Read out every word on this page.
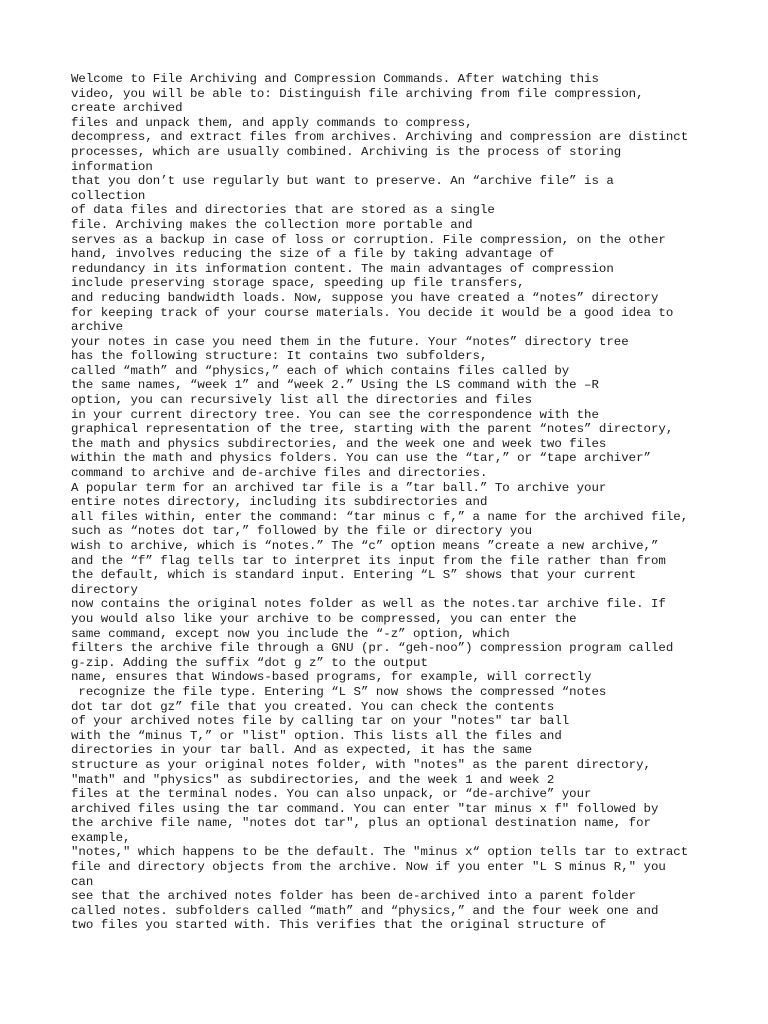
Welcome to File Archiving and Compression Commands. After watching this
video, you will be able to: Distinguish file archiving from file compression,
create archived
files and unpack them, and apply commands to compress,
decompress, and extract files from archives. Archiving and compression are distinct
processes, which are usually combined. Archiving is the process of storing
information
that you don’t use regularly but want to preserve. An “archive file” is a
collection
of data files and directories that are stored as a single
file. Archiving makes the collection more portable and
serves as a backup in case of loss or corruption. File compression, on the other
hand, involves reducing the size of a file by taking advantage of
redundancy in its information content. The main advantages of compression
include preserving storage space, speeding up file transfers,
and reducing bandwidth loads. Now, suppose you have created a “notes” directory
for keeping track of your course materials. You decide it would be a good idea to
archive
your notes in case you need them in the future. Your “notes” directory tree
has the following structure: It contains two subfolders,
called “math” and “physics,” each of which contains files called by
the same names, “week 1” and “week 2.” Using the LS command with the –R
option, you can recursively list all the directories and files
in your current directory tree. You can see the correspondence with the
graphical representation of the tree, starting with the parent “notes” directory,
the math and physics subdirectories, and the week one and week two files
within the math and physics folders. You can use the “tar,” or “tape archiver”
command to archive and de-archive files and directories.
A popular term for an archived tar file is a ”tar ball.” To archive your
entire notes directory, including its subdirectories and
all files within, enter the command: “tar minus c f,” a name for the archived file,
such as “notes dot tar,” followed by the file or directory you
wish to archive, which is “notes.” The “c” option means ”create a new archive,”
and the “f” flag tells tar to interpret its input from the file rather than from
the default, which is standard input. Entering “L S” shows that your current
directory
now contains the original notes folder as well as the notes.tar archive file. If
you would also like your archive to be compressed, you can enter the
same command, except now you include the “-z” option, which
filters the archive file through a GNU (pr. “geh-noo”) compression program called
g-zip. Adding the suffix “dot g z” to the output
name, ensures that Windows-based programs, for example, will correctly
recognize the file type. Entering “L S” now shows the compressed “notes
dot tar dot gz” file that you created. You can check the contents
of your archived notes file by calling tar on your "notes" tar ball
with the “minus T,” or "list" option. This lists all the files and
directories in your tar ball. And as expected, it has the same
structure as your original notes folder, with "notes" as the parent directory,
"math" and "physics" as subdirectories, and the week 1 and week 2
files at the terminal nodes. You can also unpack, or “de-archive” your
archived files using the tar command. You can enter "tar minus x f" followed by
the archive file name, "notes dot tar", plus an optional destination name, for
example,
"notes," which happens to be the default. The "minus x“ option tells tar to extract
file and directory objects from the archive. Now if you enter "L S minus R," you
can
see that the archived notes folder has been de-archived into a parent folder
called notes. subfolders called “math” and “physics,” and the four week one and
two files you started with. This verifies that the original structure of
